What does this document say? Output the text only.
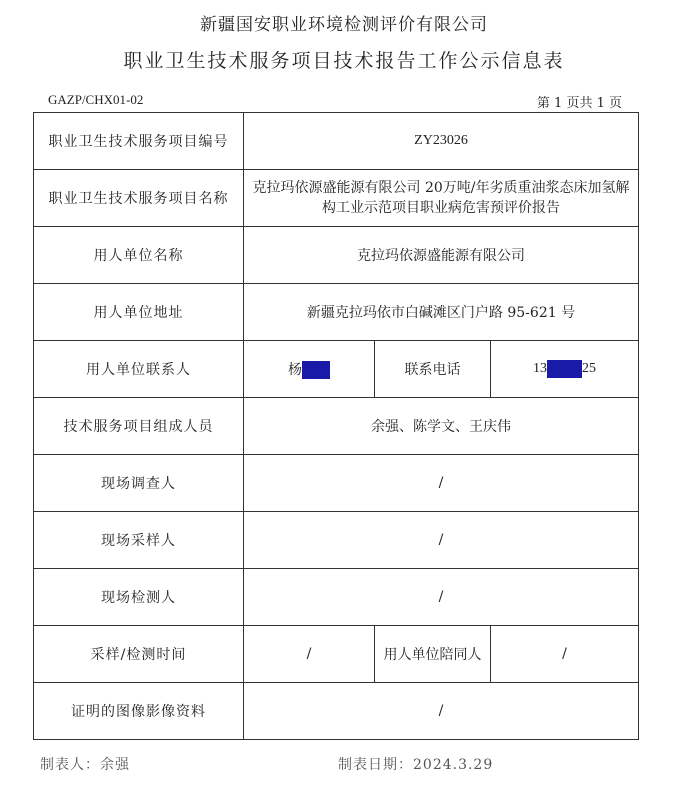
新疆国安职业环境检测评价有限公司
职业卫生技术服务项目技术报告工作公示信息表
GAZP/CHX01-02	第 1 页共 1 页
职业卫生技术服务项目编号	ZY23026		
职业卫生技术服务项目名称	克拉玛依源盛能源有限公司 20万吨/年劣质重油浆态床加氢解构工业示范项目职业病危害预评价报告		
用人单位名称	克拉玛依源盛能源有限公司		
用人单位地址	新疆克拉玛依市白碱滩区门户路 95-621 号		
用人单位联系人	杨建明	联系电话	139930825
技术服务项目组成人员	余强、陈学文、王庆伟		
现场调查人	/		
现场采样人	/		
现场检测人	/		
采样/检测时间	/	用人单位陪同人	/
证明的图像影像资料	/		
制表人：余强	制表日期：2024.3.29
